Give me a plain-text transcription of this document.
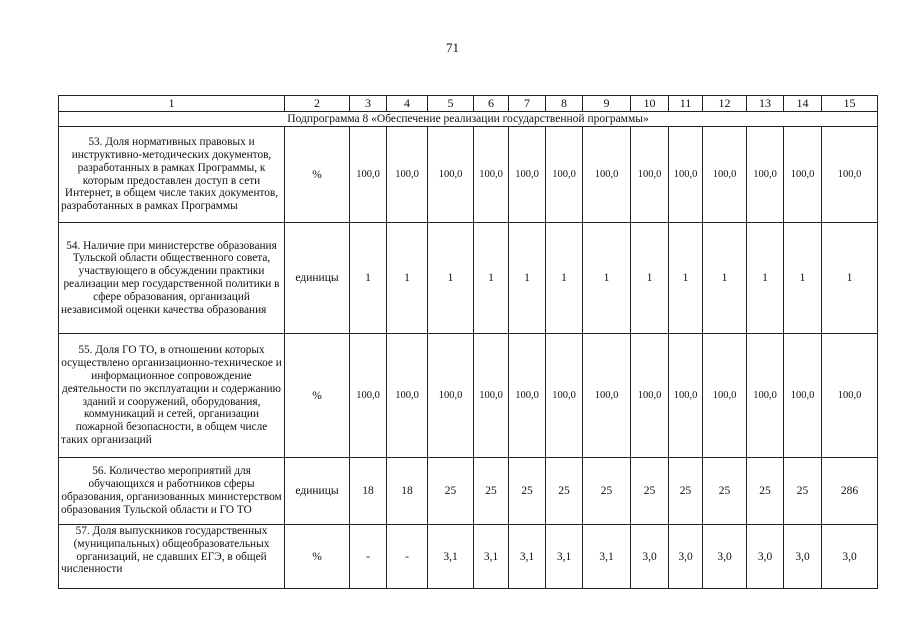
71
1	2	3	4	5	6	7	8	9	10	11	12	13	14	15
Подпрограмма 8 «Обеспечение реализации государственной программы»														
53. Доля нормативных правовых и инструктивно-методических документов, разработанных в рамках Программы, к которым предоставлен доступ в сети Интернет, в общем числе таких документов, разработанных в рамках Программы	%	100,0	100,0	100,0	100,0	100,0	100,0	100,0	100,0	100,0	100,0	100,0	100,0	100,0
54. Наличие при министерстве образования Тульской области общественного совета, участвующего в обсуждении практики реализации мер государственной политики в сфере образования, организаций независимой оценки качества образования	единицы	1	1	1	1	1	1	1	1	1	1	1	1	1
55. Доля ГО ТО, в отношении которых осуществлено организационно-техническое и информационное сопровождение деятельности по эксплуатации и содержанию зданий и сооружений, оборудования, коммуникаций и сетей, организации пожарной безопасности, в общем числе таких организаций	%	100,0	100,0	100,0	100,0	100,0	100,0	100,0	100,0	100,0	100,0	100,0	100,0	100,0
56. Количество мероприятий для обучающихся и работников сферы образования, организованных министерством образования Тульской области и ГО ТО	единицы	18	18	25	25	25	25	25	25	25	25	25	25	286
57. Доля выпускников государственных (муниципальных) общеобразовательных организаций, не сдавших ЕГЭ, в общей численности	%	-	-	3,1	3,1	3,1	3,1	3,1	3,0	3,0	3,0	3,0	3,0	3,0
